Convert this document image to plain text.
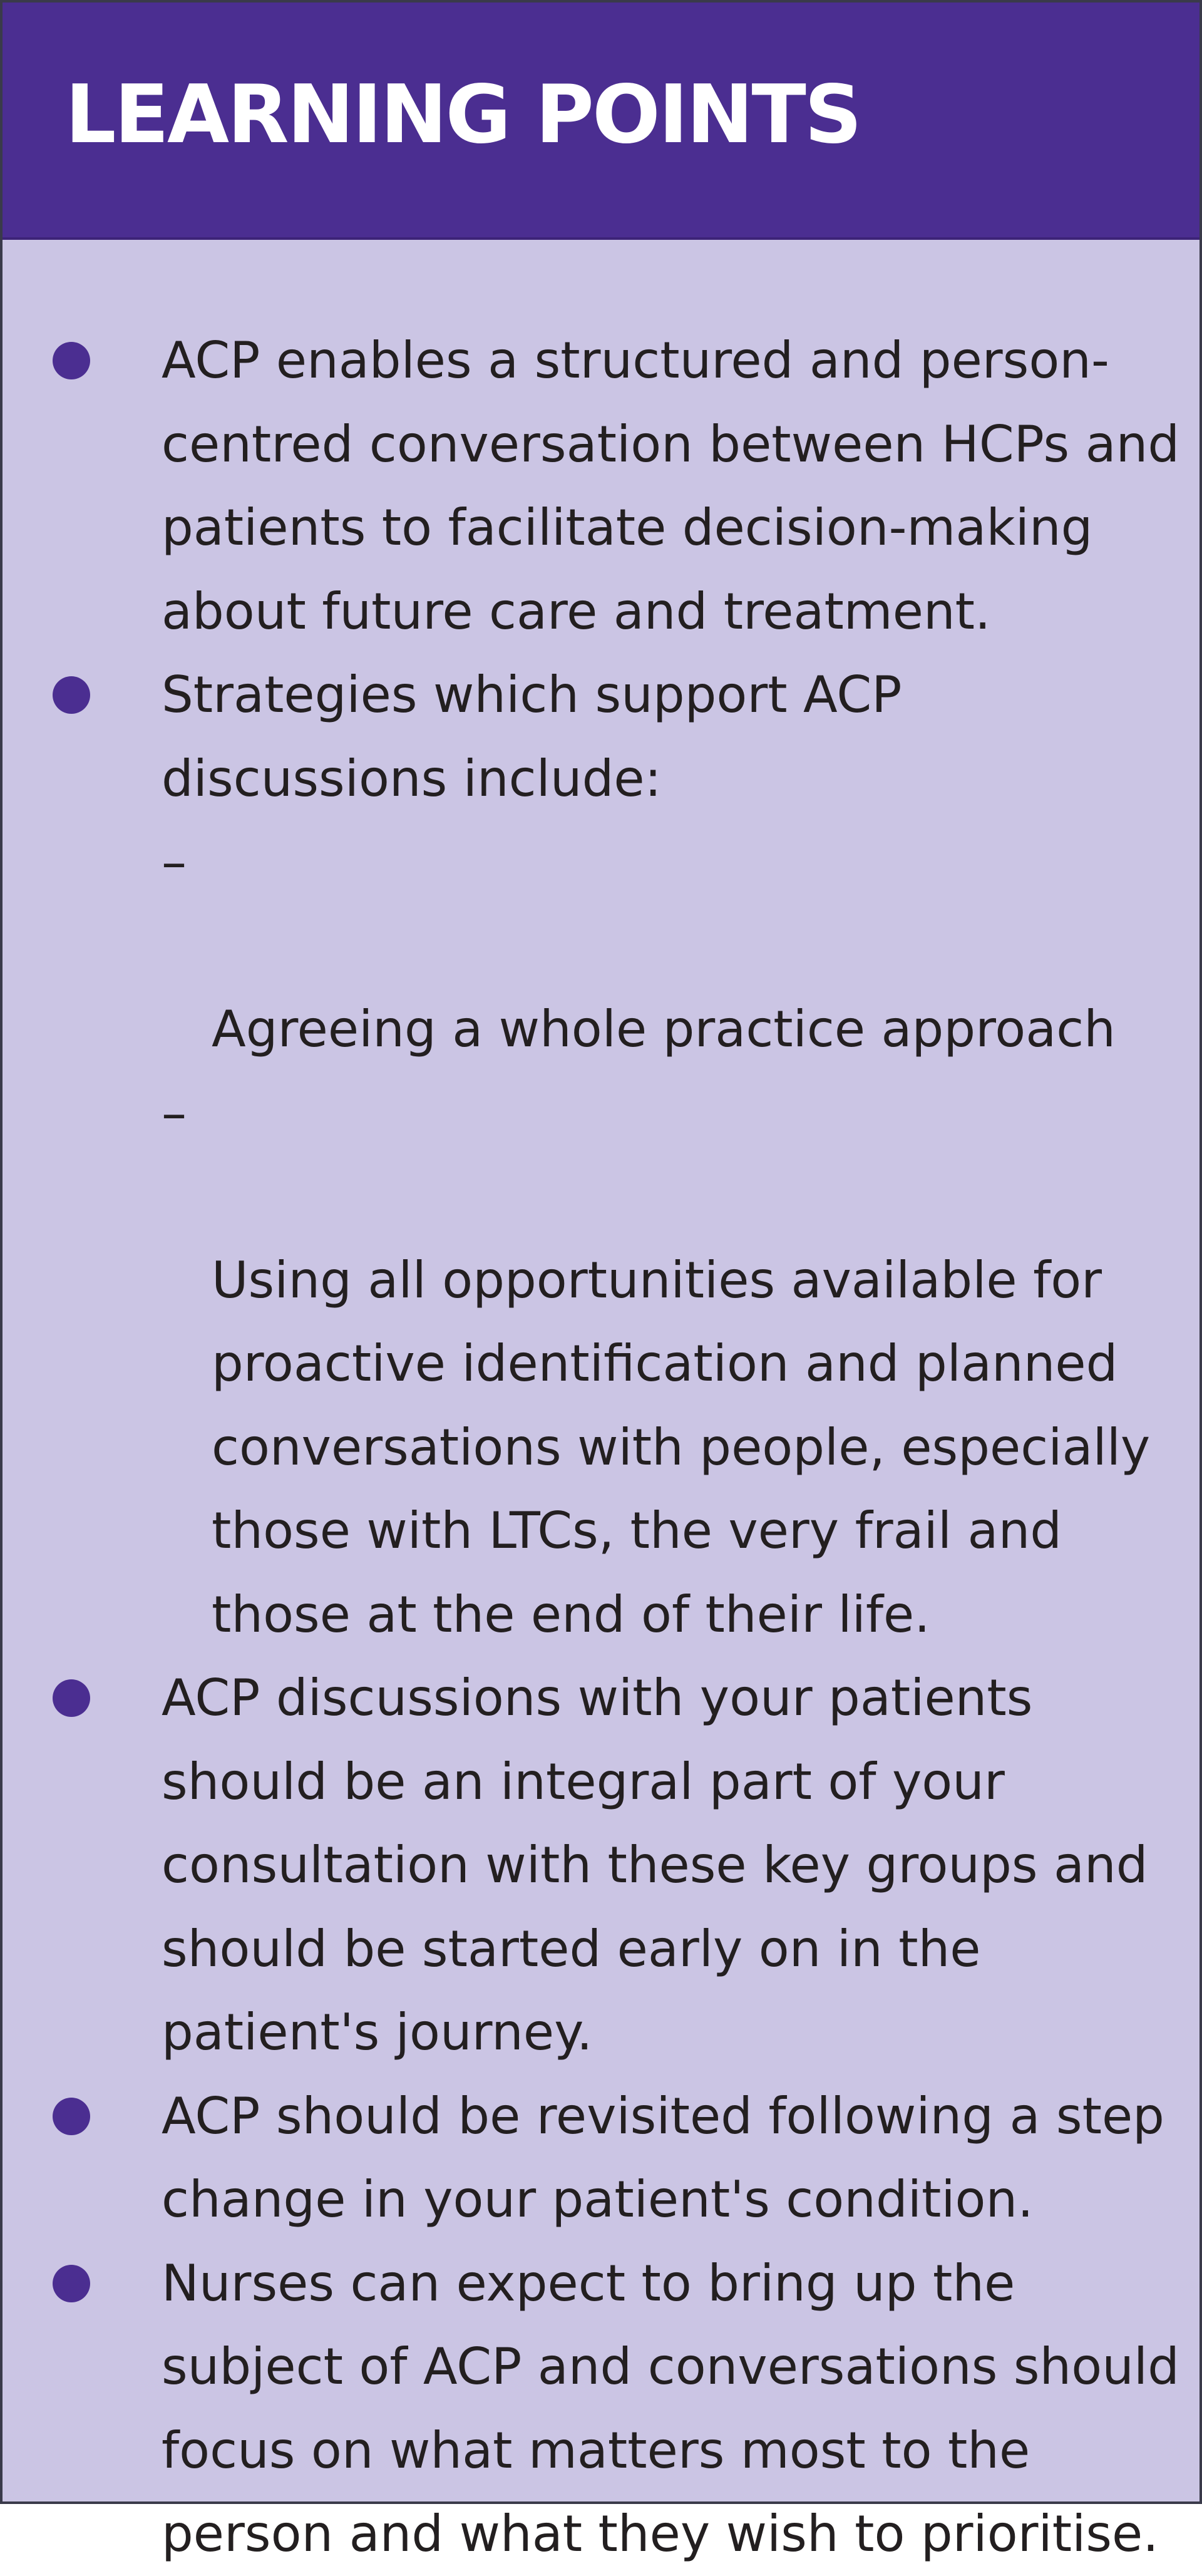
LEARNING POINTS
ACP enables a structured and person-centred conversation between HCPs and patients to facilitate decision-making about future care and treatment.
Strategies which support ACP discussions include:

–

Agreeing a whole practice approach

–

Using all opportunities available for proactive identification and planned conversations with people, especially those with LTCs, the very frail and those at the end of their life.

ACP discussions with your patients should be an integral part of your consultation with these key groups and should be started early on in the patient's journey.
ACP should be revisited following a step change in your patient's condition.
Nurses can expect to bring up the subject of ACP and conversations should focus on what matters most to the person and what they wish to prioritise.
